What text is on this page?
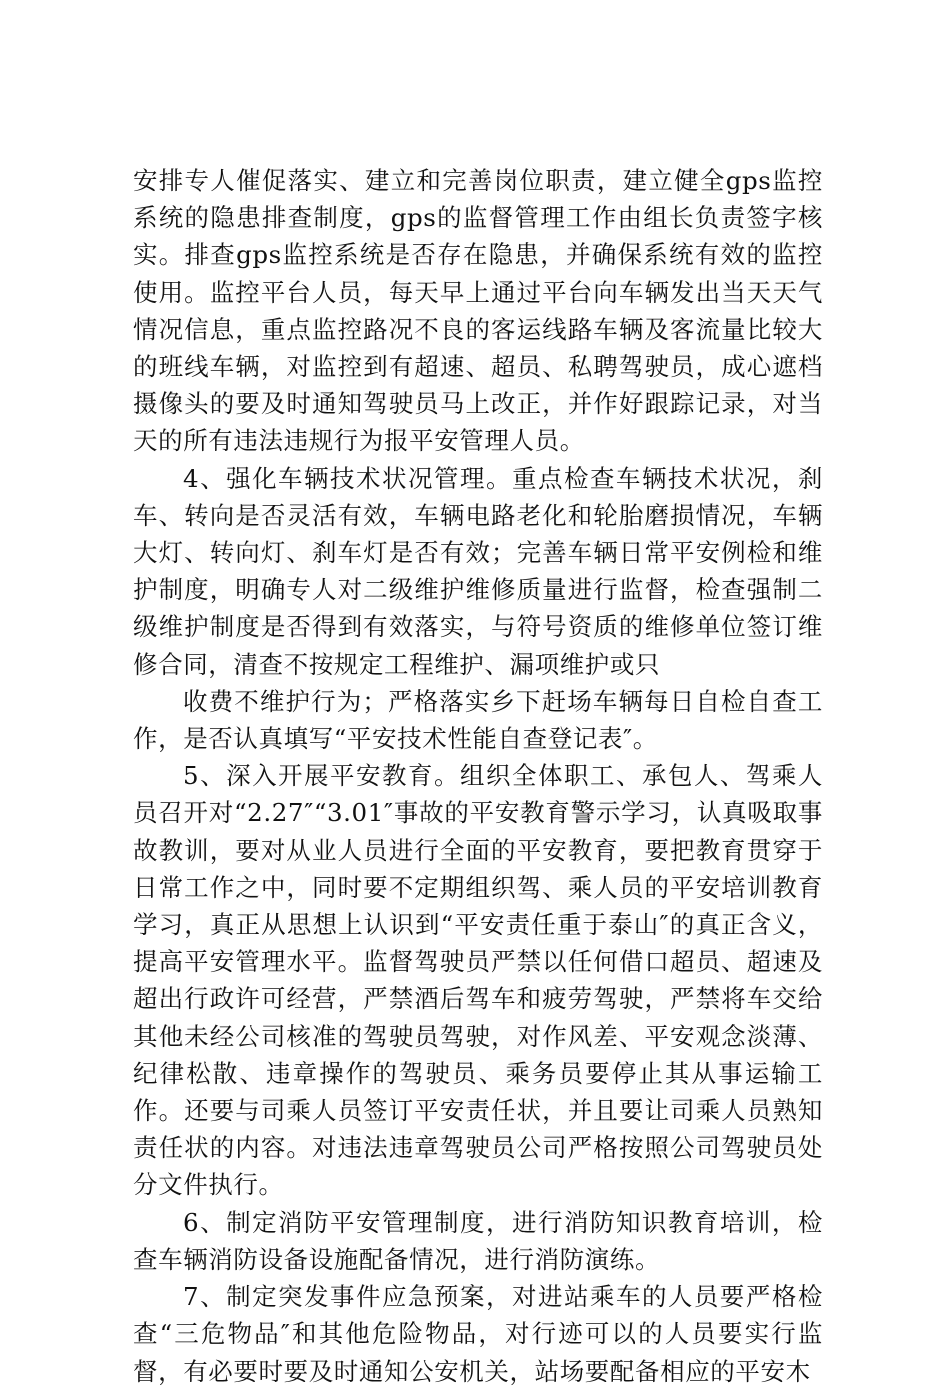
安排专人催促落实、建立和完善岗位职责，建立健全gps监控系统的隐患排查制度，gps的监督管理工作由组长负责签字核实。排查gps监控系统是否存在隐患，并确保系统有效的监控使用。监控平台人员，每天早上通过平台向车辆发出当天天气情况信息，重点监控路况不良的客运线路车辆及客流量比较大的班线车辆，对监控到有超速、超员、私聘驾驶员，成心遮档摄像头的要及时通知驾驶员马上改正，并作好跟踪记录，对当天的所有违法违规行为报平安管理人员。

4、强化车辆技术状况管理。重点检查车辆技术状况，刹车、转向是否灵活有效，车辆电路老化和轮胎磨损情况，车辆大灯、转向灯、刹车灯是否有效；完善车辆日常平安例检和维护制度，明确专人对二级维护维修质量进行监督，检查强制二级维护制度是否得到有效落实，与符号资质的维修单位签订维修合同，清查不按规定工程维护、漏项维护或只

收费不维护行为；严格落实乡下赶场车辆每日自检自查工作，是否认真填写“平安技术性能自查登记表″。

5、深入开展平安教育。组织全体职工、承包人、驾乘人员召开对“2.27″“3.01″事故的平安教育警示学习，认真吸取事故教训，要对从业人员进行全面的平安教育，要把教育贯穿于日常工作之中，同时要不定期组织驾、乘人员的平安培训教育学习，真正从思想上认识到“平安责任重于泰山″的真正含义，提高平安管理水平。监督驾驶员严禁以任何借口超员、超速及超出行政许可经营，严禁酒后驾车和疲劳驾驶，严禁将车交给其他未经公司核准的驾驶员驾驶，对作风差、平安观念淡薄、纪律松散、违章操作的驾驶员、乘务员要停止其从事运输工作。还要与司乘人员签订平安责任状，并且要让司乘人员熟知责任状的内容。对违法违章驾驶员公司严格按照公司驾驶员处分文件执行。

6、制定消防平安管理制度，进行消防知识教育培训，检查车辆消防设备设施配备情况，进行消防演练。

7、制定突发事件应急预案，对进站乘车的人员要严格检查“三危物品″和其他危险物品，对行迹可以的人员要实行监督，有必要时要及时通知公安机关，站场要配备相应的平安木
